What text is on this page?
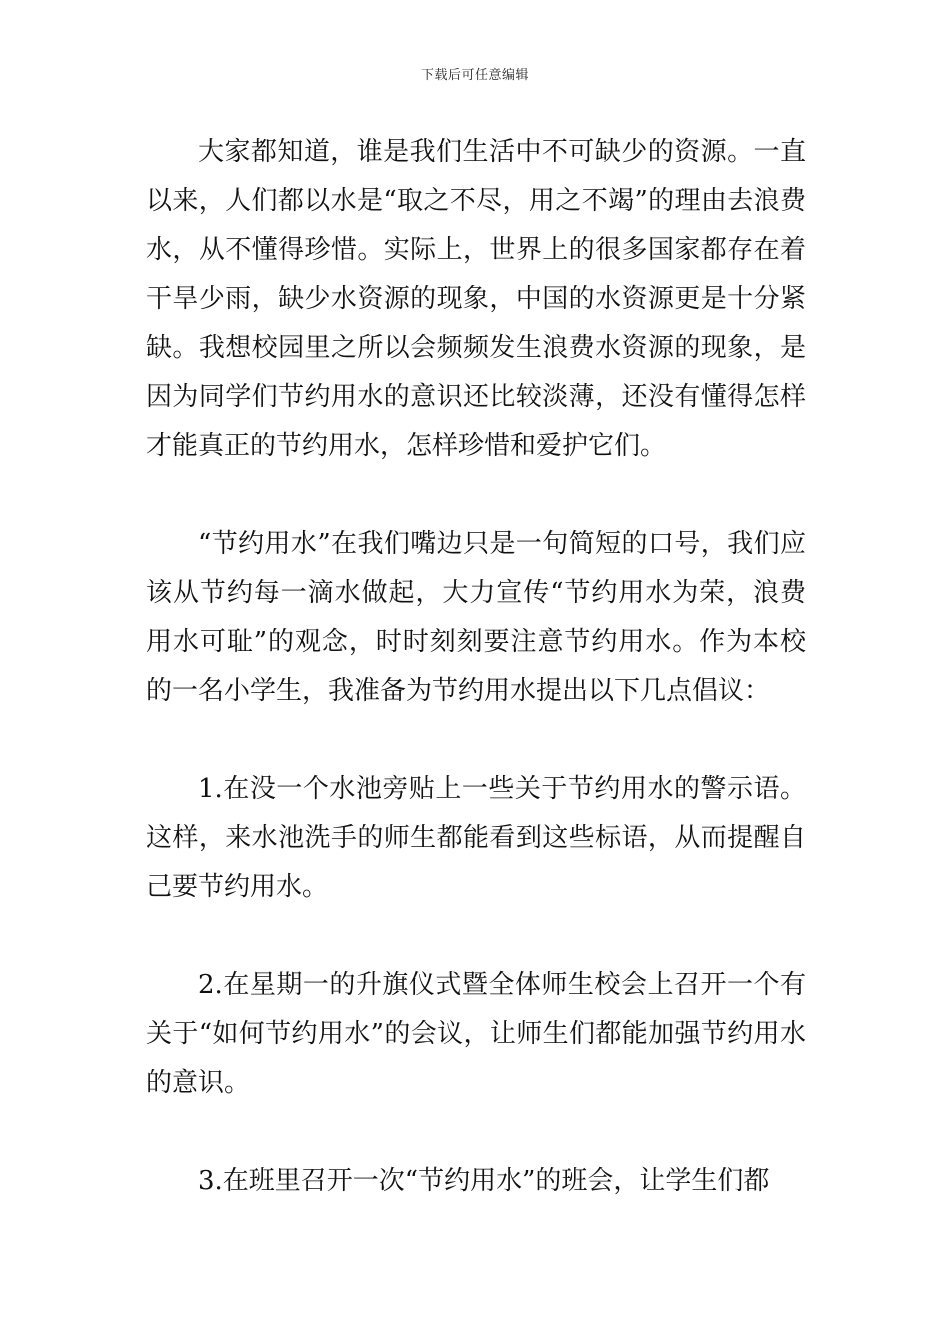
下载后可任意编辑

大家都知道，谁是我们生活中不可缺少的资源。一直以来，人们都以水是“取之不尽，用之不竭”的理由去浪费水，从不懂得珍惜。实际上，世界上的很多国家都存在着干旱少雨，缺少水资源的现象，中国的水资源更是十分紧缺。我想校园里之所以会频频发生浪费水资源的现象，是因为同学们节约用水的意识还比较淡薄，还没有懂得怎样才能真正的节约用水，怎样珍惜和爱护它们。

“节约用水”在我们嘴边只是一句简短的口号，我们应该从节约每一滴水做起，大力宣传“节约用水为荣，浪费用水可耻”的观念，时时刻刻要注意节约用水。作为本校的一名小学生，我准备为节约用水提出以下几点倡议：

1.在没一个水池旁贴上一些关于节约用水的警示语。这样，来水池洗手的师生都能看到这些标语，从而提醒自己要节约用水。

2.在星期一的升旗仪式暨全体师生校会上召开一个有关于“如何节约用水”的会议，让师生们都能加强节约用水的意识。

3.在班里召开一次“节约用水”的班会，让学生们都
